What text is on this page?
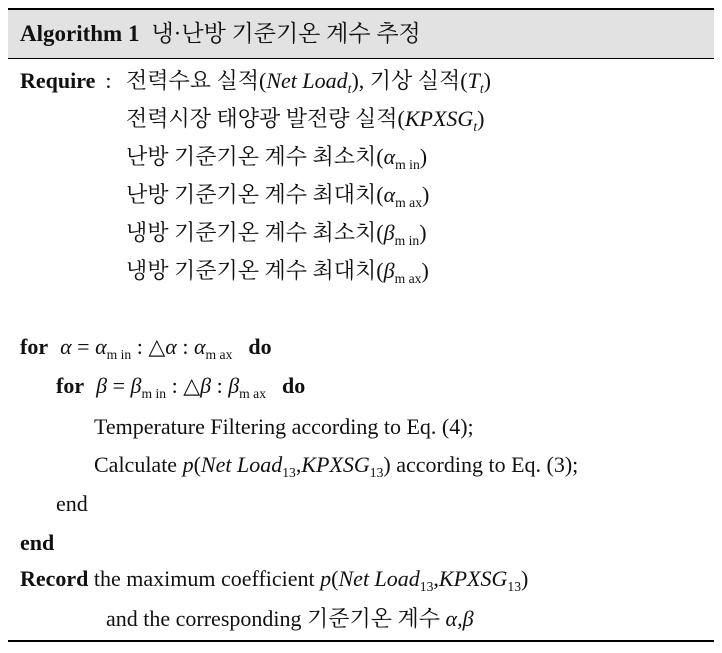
Algorithm 1 냉·난방 기준기온 계수 추정
Require : 전력수요 실적(Net Load$_t$), 기상 실적$(T_t)$
전력시장 태양광 발전량 실적$(KPXSG_t)$
난방 기준기온 계수 최소치$(\alpha_{m in})$
난방 기준기온 계수 최대치$(\alpha_{m ax})$
냉방 기준기온 계수 최소치$(\beta_{m in})$
냉방 기준기온 계수 최대치$(\beta_{m ax})$
for $\alpha = \alpha_{m in}$ : △α : $\alpha_{m ax}$ do
for $\beta = \beta_{m in}$ : △β : $\beta_{m ax}$ do
Temperature Filtering according to Eq. (4);
Calculate p(Net $Load_{13},KPXSG_{13}$) according to Eq. (3);
end
end
Record the maximum coefficient p(Net $Load_{13},KPXSG_{13}$)
and the corresponding 기준기온 계수 α,β
